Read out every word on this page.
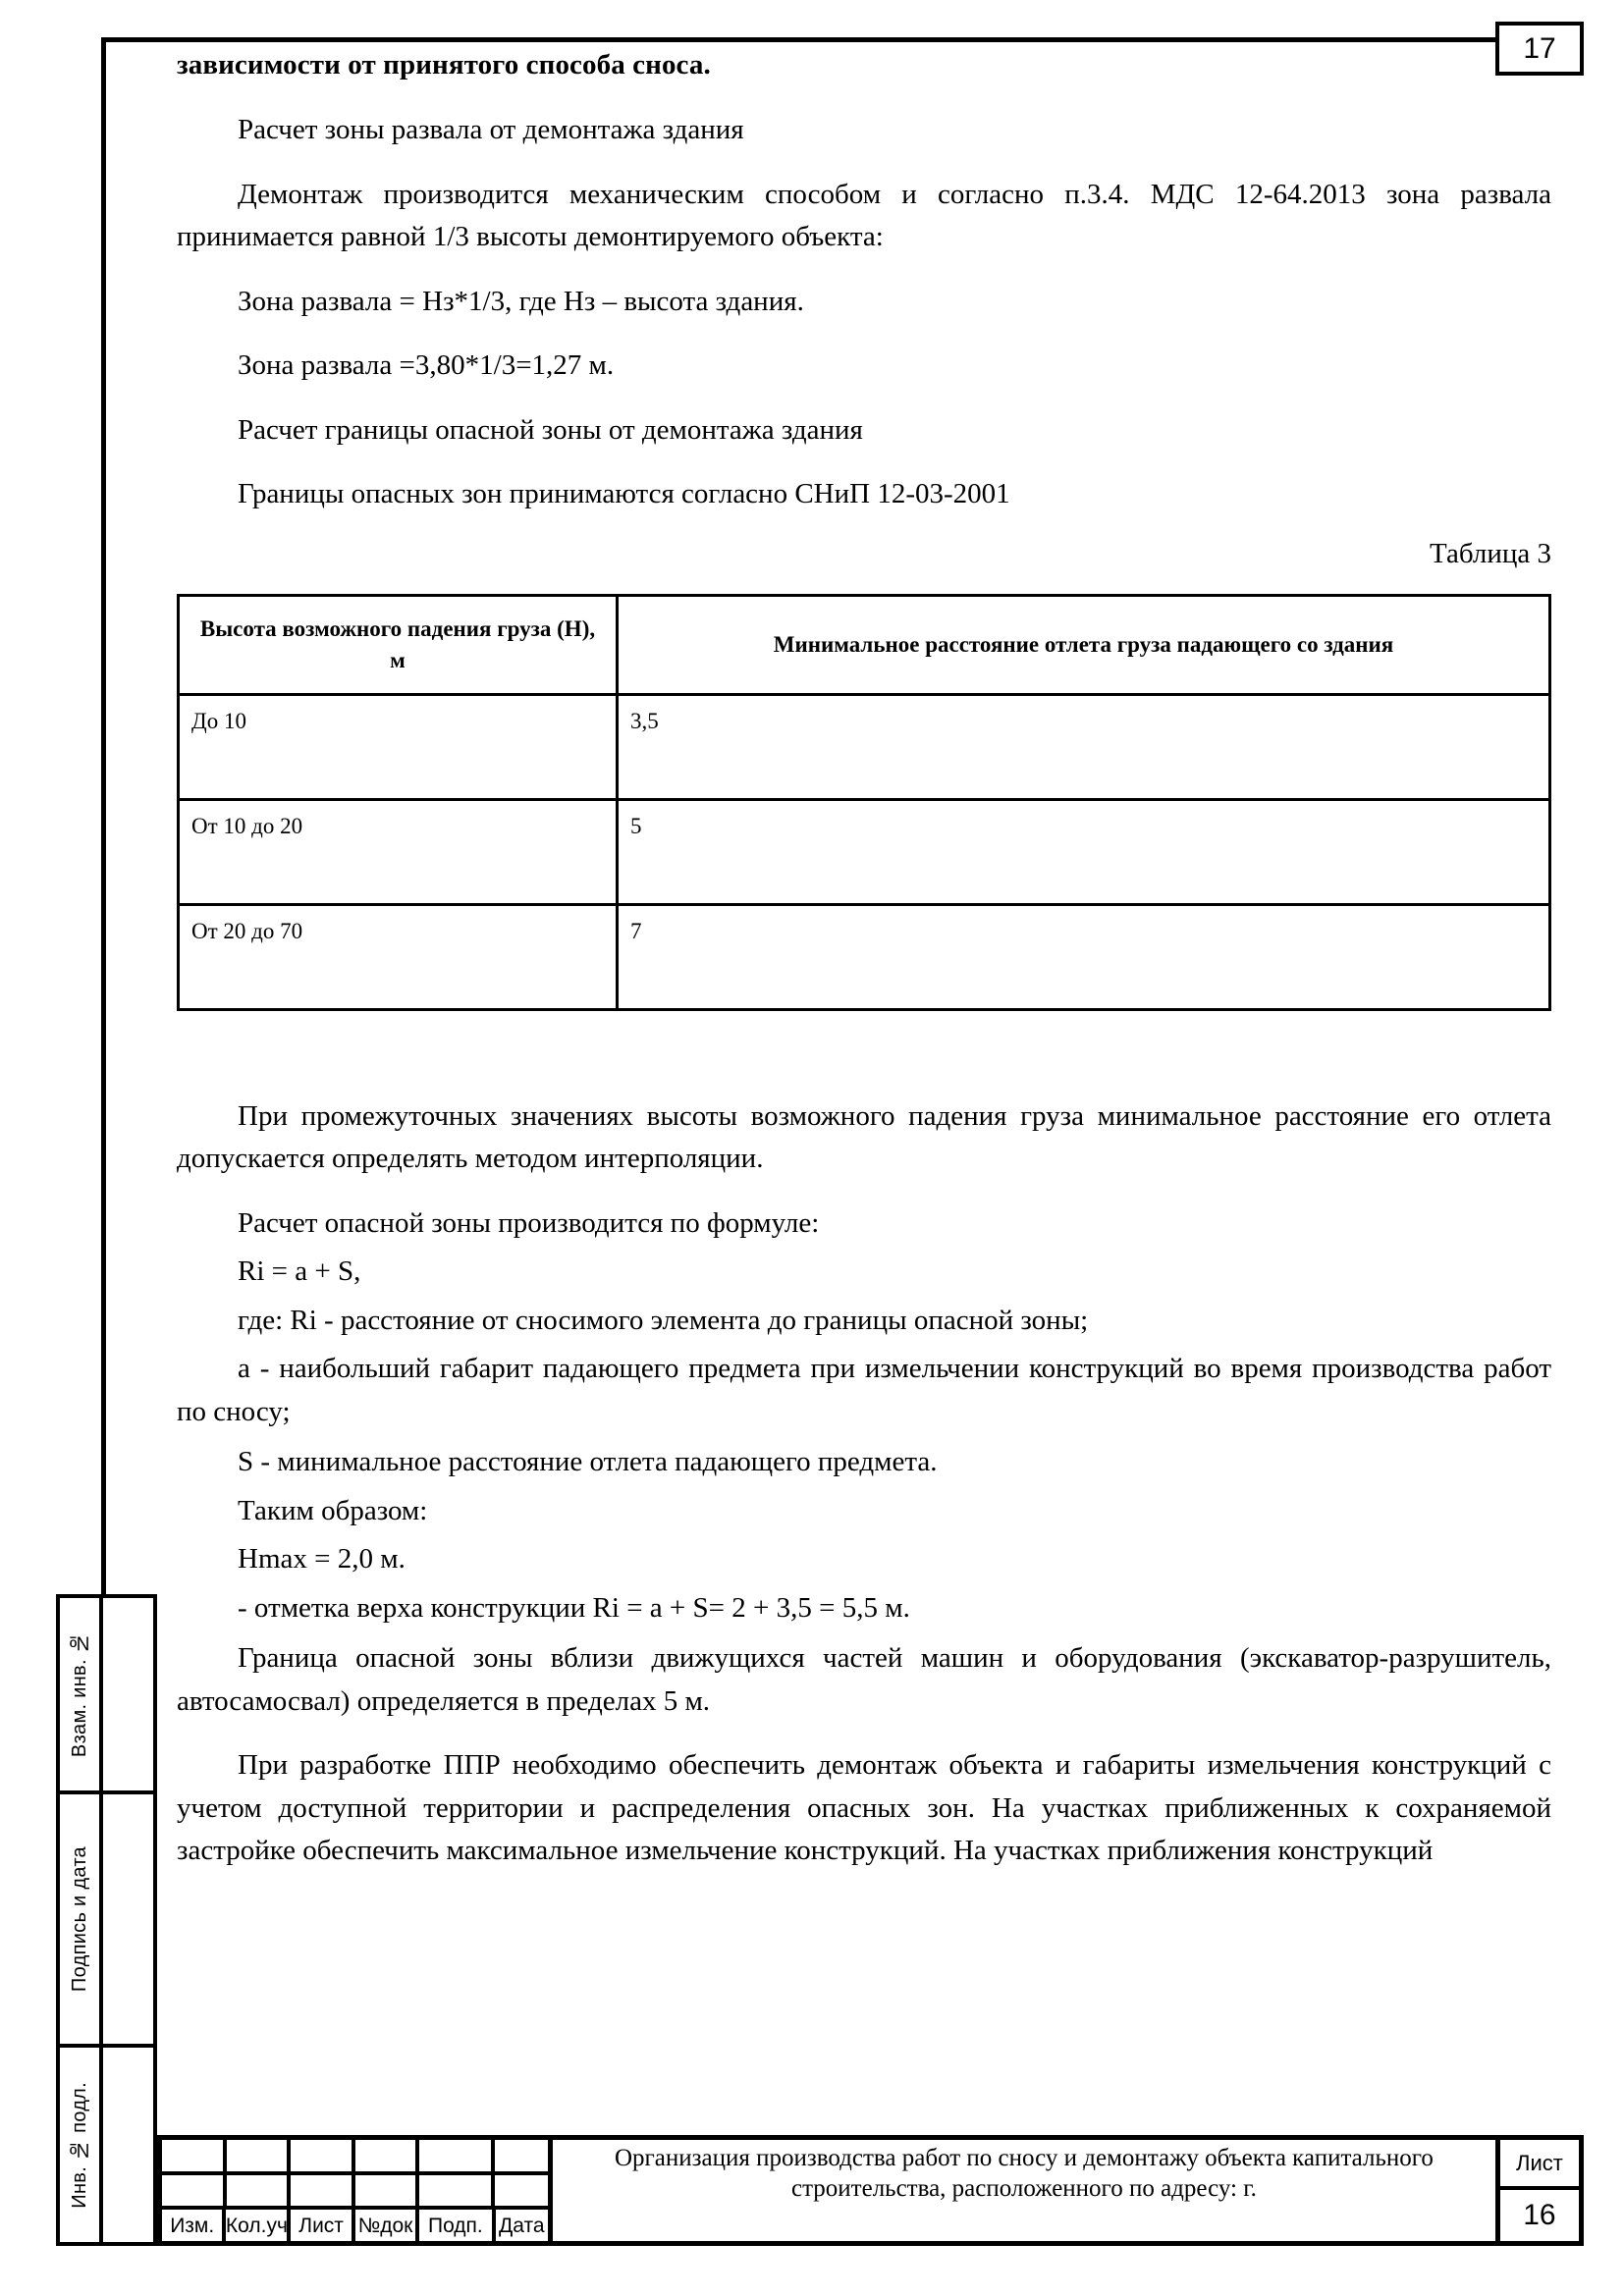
17
зависимости от принятого способа сноса.

Расчет зоны развала от демонтажа здания

Демонтаж производится механическим способом и согласно п.3.4. МДС 12-64.2013 зона развала принимается равной 1/3 высоты демонтируемого объекта:

Зона развала = Нз*1/3, где Нз – высота здания.

Зона развала =3,80*1/3=1,27 м.

Расчет границы опасной зоны от демонтажа здания

Границы опасных зон принимаются согласно СНиП 12-03-2001

Таблица 3
Высота возможного падения груза (Н), м	Минимальное расстояние отлета груза падающего со здания
До 10	3,5
От 10 до 20	5
От 20 до 70	7

При промежуточных значениях высоты возможного падения груза минимальное расстояние его отлета допускается определять методом интерполяции.

Расчет опасной зоны производится по формуле:

Ri = a + S,

где: Ri - расстояние от сносимого элемента до границы опасной зоны;

а - наибольший габарит падающего предмета при измельчении конструкций во время производства работ по сносу;

S - минимальное расстояние отлета падающего предмета.

Таким образом:

Hmax = 2,0 м.

- отметка верха конструкции Ri = a + S= 2 + 3,5 = 5,5 м.

Граница опасной зоны вблизи движущихся частей машин и оборудования (экскаватор-разрушитель, автосамосвал) определяется в пределах 5 м.

При разработке ППР необходимо обеспечить демонтаж объекта и габариты измельчения конструкций с учетом доступной территории и распределения опасных зон. На участках приближенных к сохраняемой застройке обеспечить максимальное измельчение конструкций. На участках приближения конструкций

Взам. инв. №
Подпись и дата
Инв. № подл.
Изм. Кол.уч Лист №док Подп. Дата
Организация производства работ по сносу и демонтажу объекта капитального строительства, расположенного по адресу: г.
Лист
16
